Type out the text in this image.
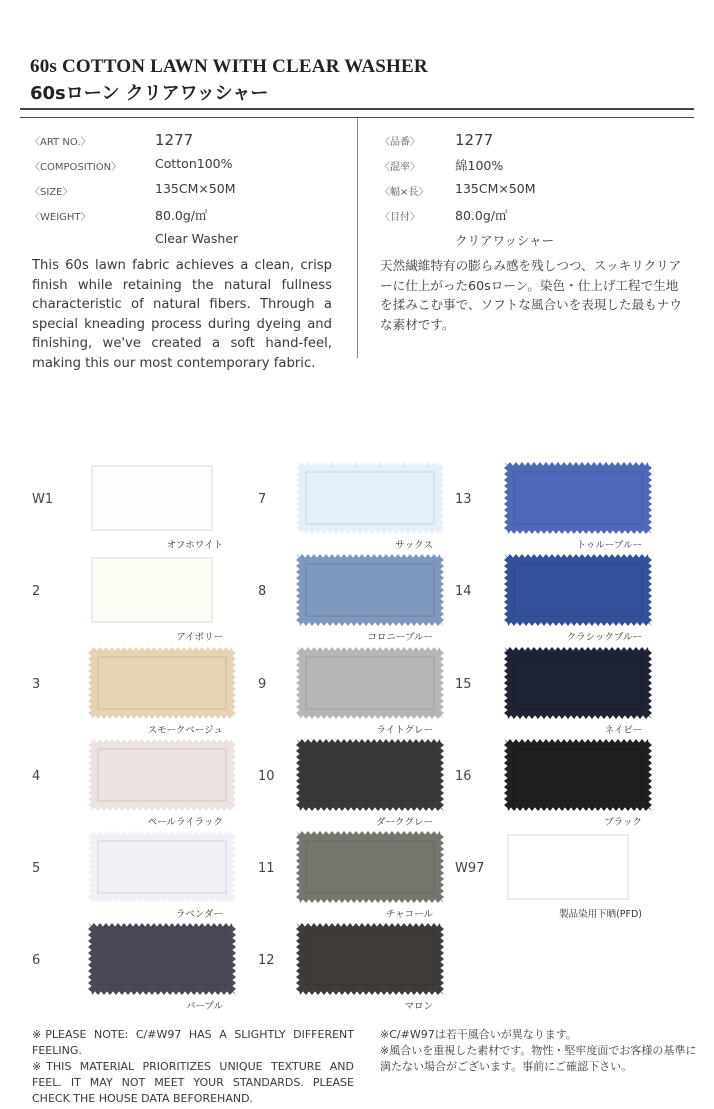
60s COTTON LAWN WITH CLEAR WASHER
60sローン クリアワッシャー
〈ART NO.〉	1277
〈COMPOSITION〉	Cotton100%
〈SIZE〉	135CM×50M
〈WEIGHT〉	80.0g/㎡
Clear Washer
〈品番〉 1277
〈混率〉	綿100%
〈幅×長〉 135CM×50M
〈目付〉	80.0g/㎡
クリアワッシャー
This 60s lawn fabric achieves a clean, crisp finish while retaining the natural fullness characteristic of natural fibers. Through a special kneading process during dyeing and finishing, we've created a soft hand-feel, making this our most contemporary fabric.
天然繊維特有の膨らみ感を残しつつ、スッキリクリアーに仕上がった60sローン。染色・仕上げ工程で生地を揉みこむ事で、ソフトな風合いを表現した最もナウな素材です。
W1
オフホワイト
2
アイボリー
3
スモークベージュ
4
ペールライラック
5
ラベンダー
6
パープル
7
サックス
8
コロニーブルー
9
ライトグレー
10
ダークグレー
11
チャコール
12
マロン
13
トゥルーブルー
14
クラシックブルー
15
ネイビー
16
ブラック
W97
製品染用下晒(PFD)
※PLEASE NOTE: C/#W97 HAS A SLIGHTLY DIFFERENT FEELING.
※THIS MATERIAL PRIORITIZES UNIQUE TEXTURE AND FEEL. IT MAY NOT MEET YOUR STANDARDS. PLEASE CHECK THE HOUSE DATA BEFOREHAND.
※C/#W97は若干風合いが異なります。
※風合いを重視した素材です。物性・堅牢度面でお客様の基準に満たない場合がございます。事前にご確認下さい。
